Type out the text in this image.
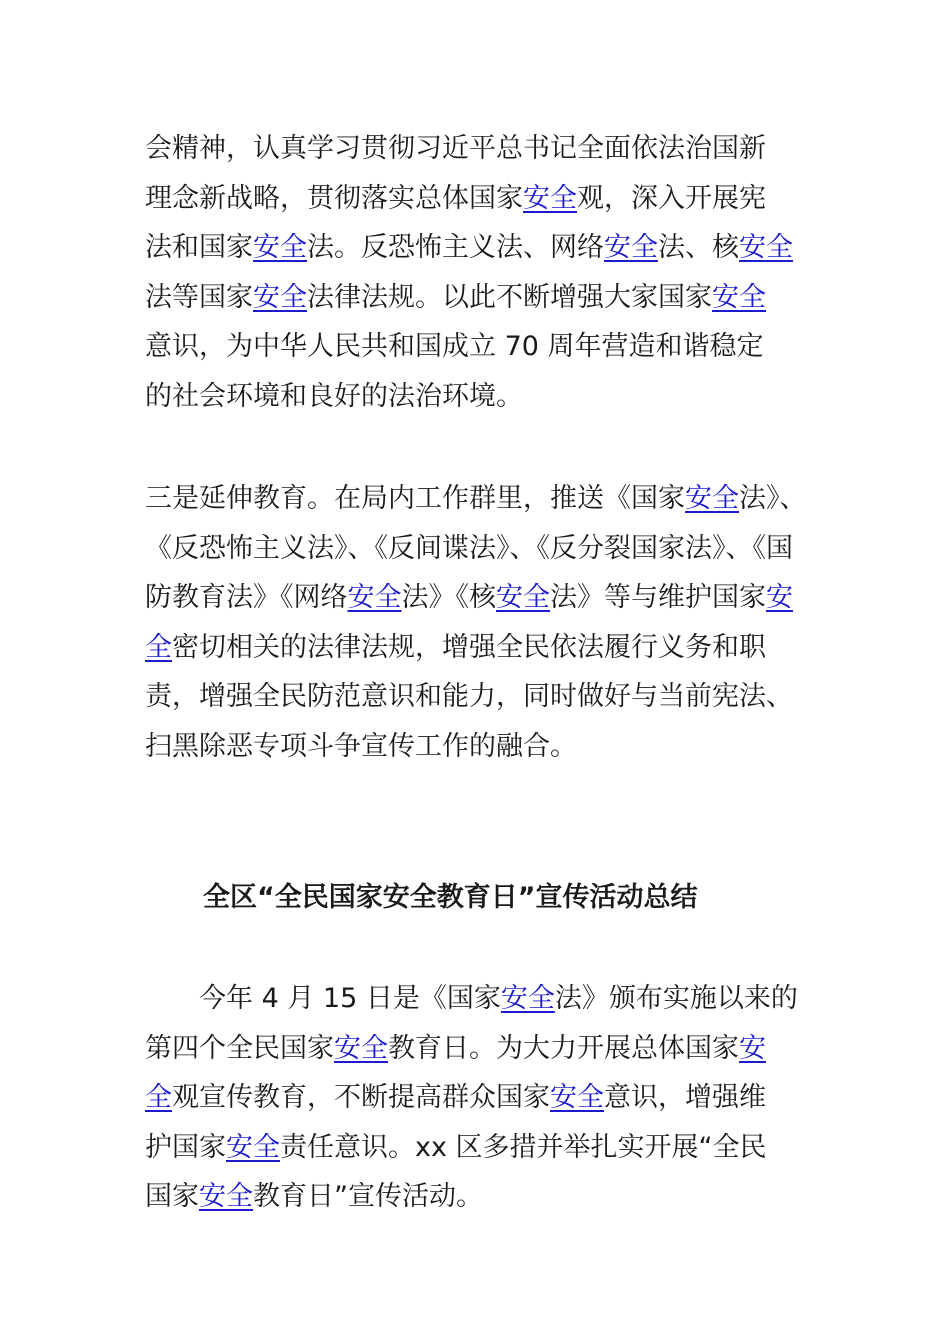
会精神，认真学习贯彻习近平总书记全面依法治国新
理念新战略，贯彻落实总体国家安全观，深入开展宪
法和国家安全法。反恐怖主义法、网络安全法、核安全
法等国家安全法律法规。以此不断增强大家国家安全
意识，为中华人民共和国成立 70 周年营造和谐稳定
的社会环境和良好的法治环境。
三是延伸教育。在局内工作群里，推送《国家安全法》、
《反恐怖主义法》、《反间谍法》、《反分裂国家法》、《国
防教育法》《网络安全法》《核安全法》等与维护国家安
全密切相关的法律法规，增强全民依法履行义务和职
责，增强全民防范意识和能力，同时做好与当前宪法、
扫黑除恶专项斗争宣传工作的融合。
全区“全民国家安全教育日”宣传活动总结
　　今年 4 月 15 日是《国家安全法》颁布实施以来的
第四个全民国家安全教育日。为大力开展总体国家安
全观宣传教育，不断提高群众国家安全意识，增强维
护国家安全责任意识。xx 区多措并举扎实开展“全民
国家安全教育日”宣传活动。
